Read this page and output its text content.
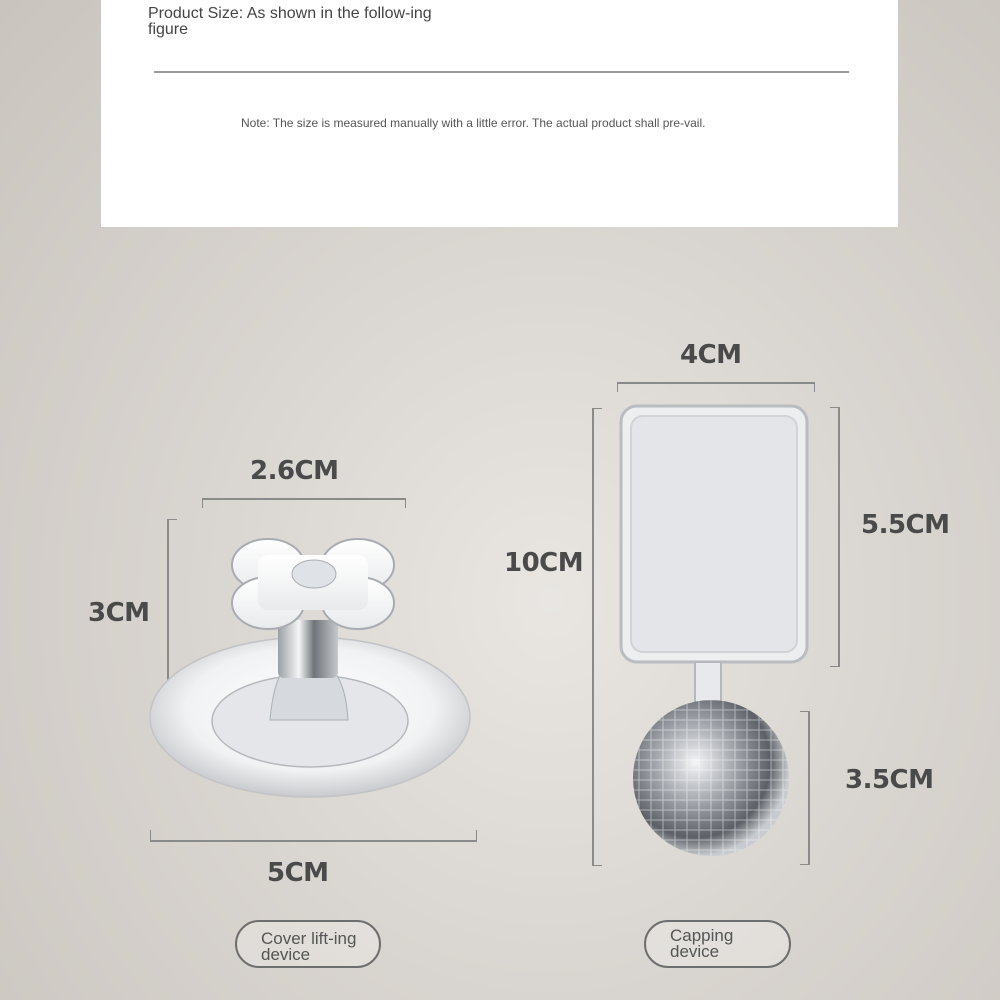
Product Size: As shown in the follow-ing figure
Note: The size is measured manually with a little error. The actual product shall pre-vail.
2.6CM
3CM
5CM
Cover lift-ing device
4CM
10CM
5.5CM
3.5CM
Capping device
